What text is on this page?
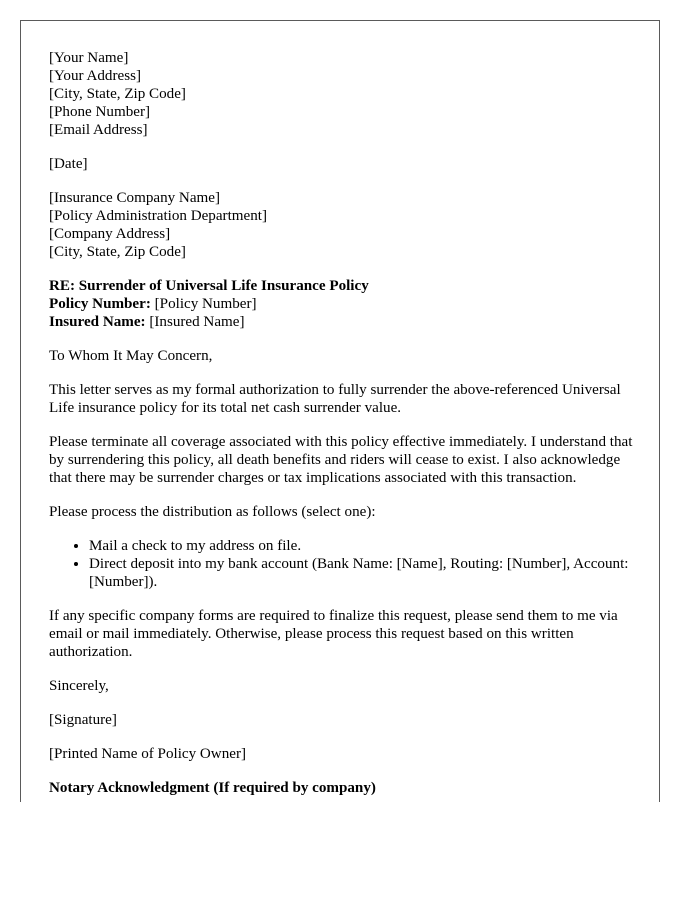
[Your Name]
[Your Address]
[City, State, Zip Code]
[Phone Number]
[Email Address]
[Date]
[Insurance Company Name]
[Policy Administration Department]
[Company Address]
[City, State, Zip Code]
RE: Surrender of Universal Life Insurance Policy
Policy Number: [Policy Number]
Insured Name: [Insured Name]

To Whom It May Concern,

This letter serves as my formal authorization to fully surrender the above-referenced Universal Life insurance policy for its total net cash surrender value.

Please terminate all coverage associated with this policy effective immediately. I understand that by surrendering this policy, all death benefits and riders will cease to exist. I also acknowledge that there may be surrender charges or tax implications associated with this transaction.

Please process the distribution as follows (select one):

• Mail a check to my address on file.
• Direct deposit into my bank account (Bank Name: [Name], Routing: [Number], Account: [Number]).

If any specific company forms are required to finalize this request, please send them to me via email or mail immediately. Otherwise, please process this request based on this written authorization.

Sincerely,

[Signature]

[Printed Name of Policy Owner]

Notary Acknowledgment (If required by company)
